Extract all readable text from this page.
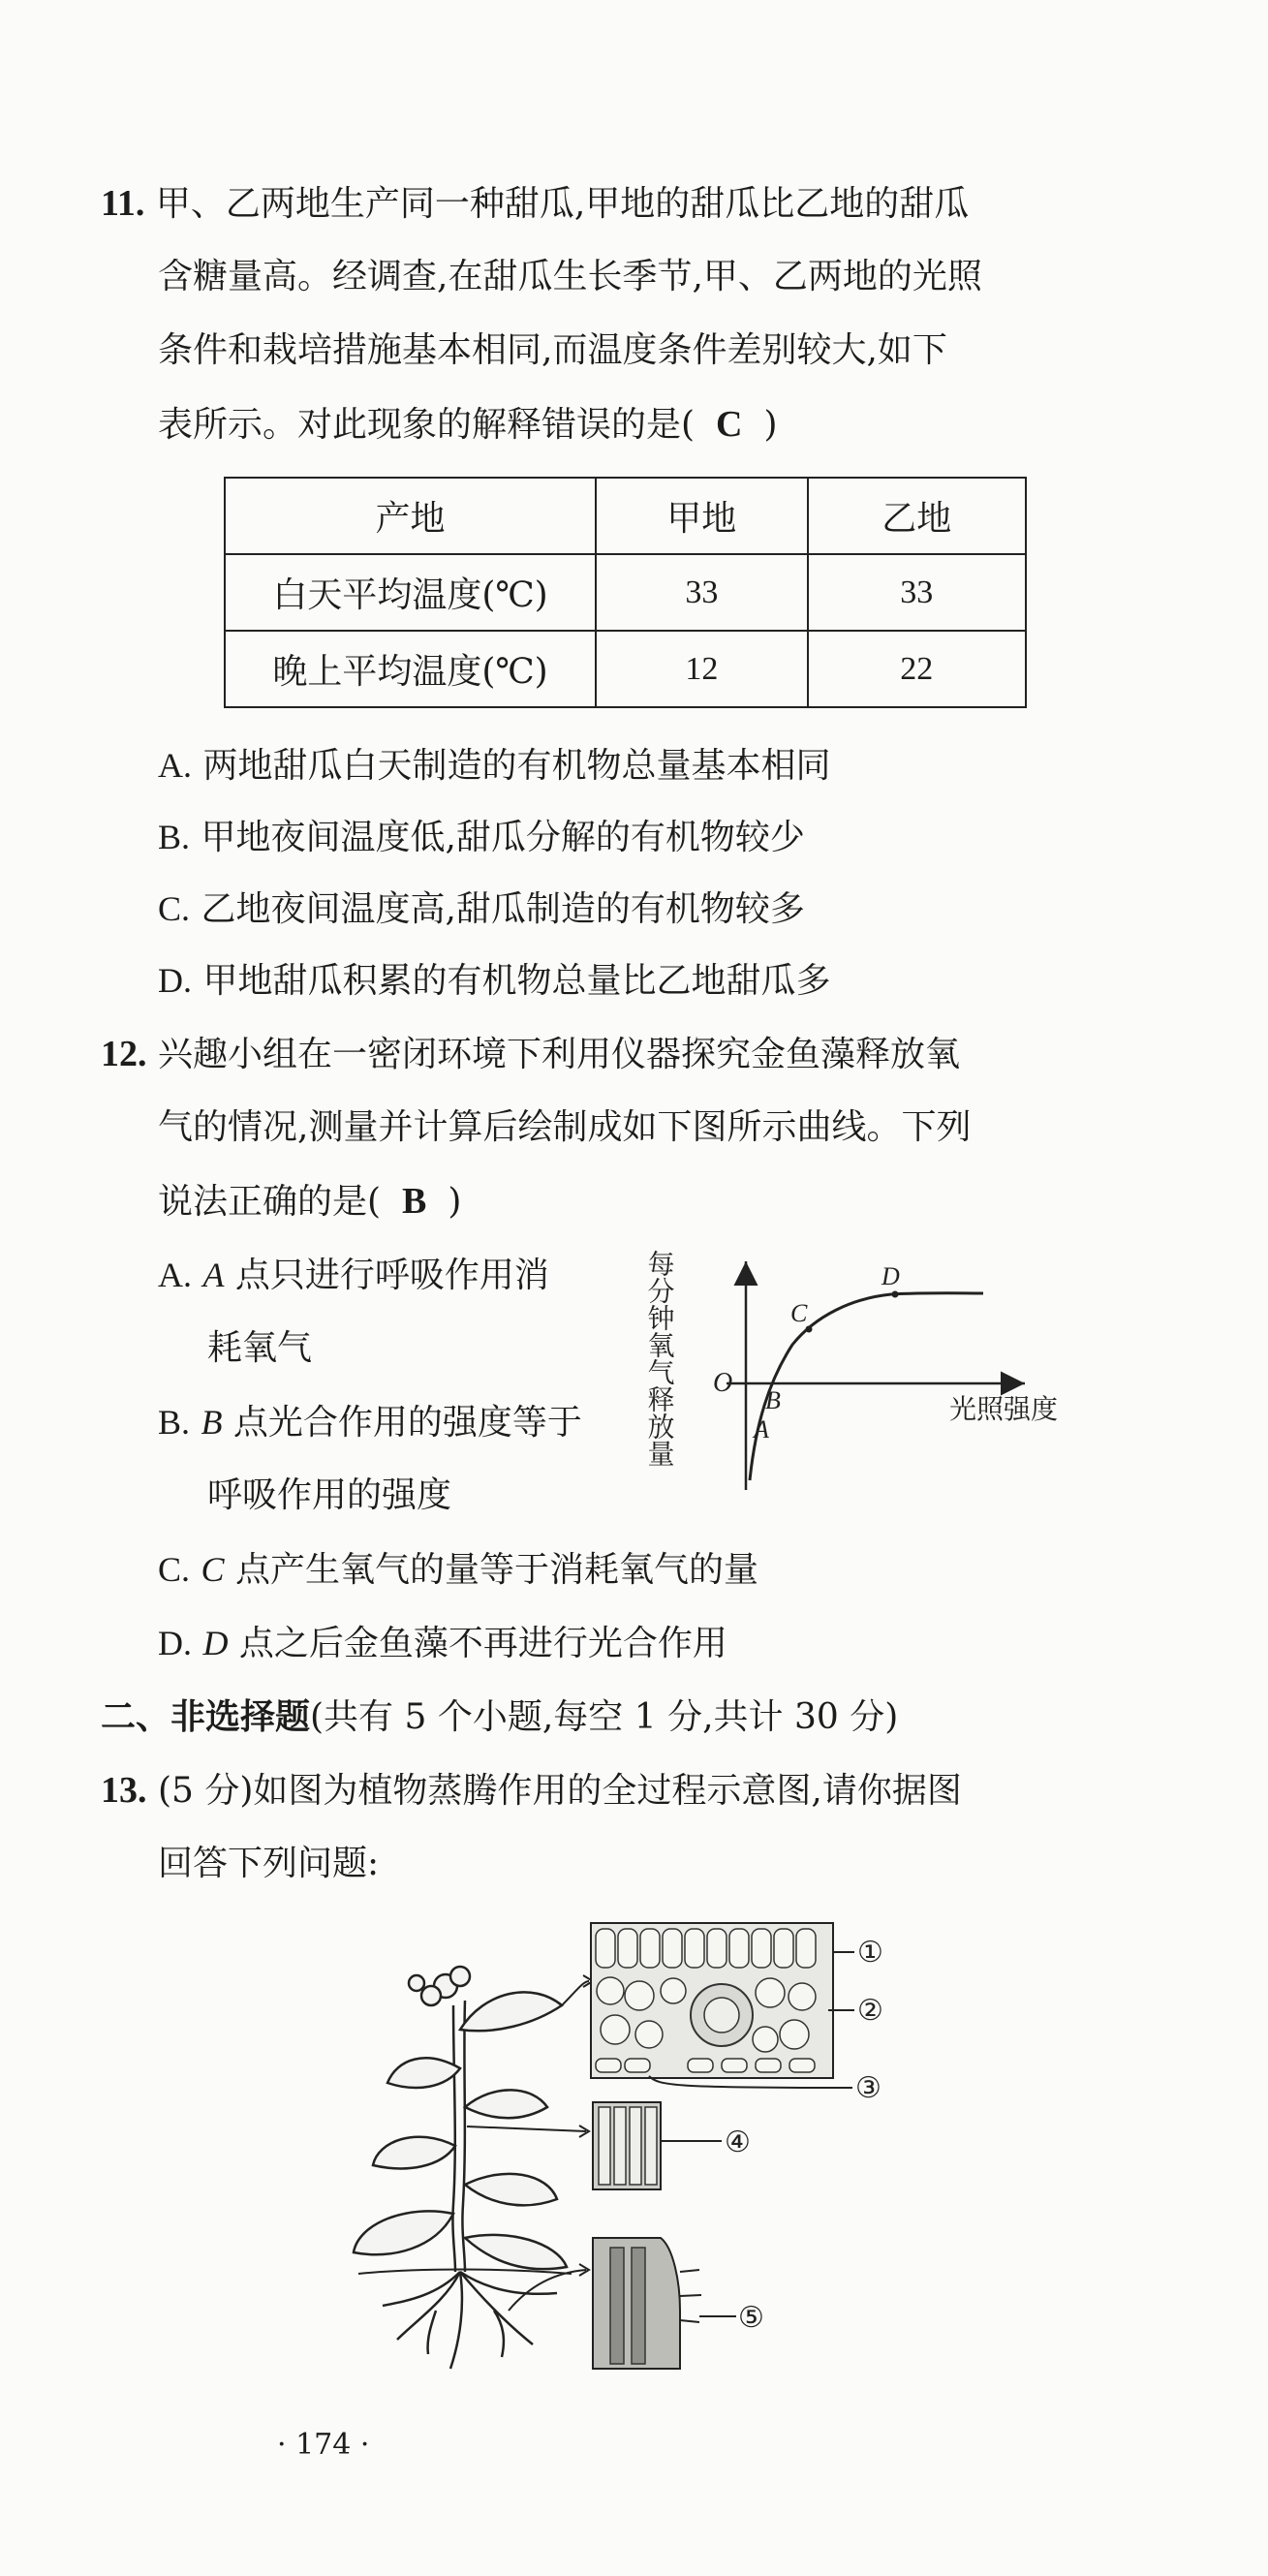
11. 甲、乙两地生产同一种甜瓜,甲地的甜瓜比乙地的甜瓜
含糖量高。经调查,在甜瓜生长季节,甲、乙两地的光照
条件和栽培措施基本相同,而温度条件差别较大,如下
表所示。对此现象的解释错误的是( C )
产地	甲地	乙地
白天平均温度(℃)	33	33
晚上平均温度(℃)	12	22
A. 两地甜瓜白天制造的有机物总量基本相同
B. 甲地夜间温度低,甜瓜分解的有机物较少
C. 乙地夜间温度高,甜瓜制造的有机物较多
D. 甲地甜瓜积累的有机物总量比乙地甜瓜多
12. 兴趣小组在一密闭环境下利用仪器探究金鱼藻释放氧
气的情况,测量并计算后绘制成如下图所示曲线。下列
说法正确的是( B )
A. A 点只进行呼吸作用消
耗氧气
B. B 点光合作用的强度等于
呼吸作用的强度
C. C 点产生氧气的量等于消耗氧气的量
D. D 点之后金鱼藻不再进行光合作用
每分钟氧气释放量 O
A
B
C
D
光照强度
二、非选择题(共有 5 个小题,每空 1 分,共计 30 分)
13. (5 分)如图为植物蒸腾作用的全过程示意图,请你据图
回答下列问题:
①
②
③
④
⑤
· 174 ·
